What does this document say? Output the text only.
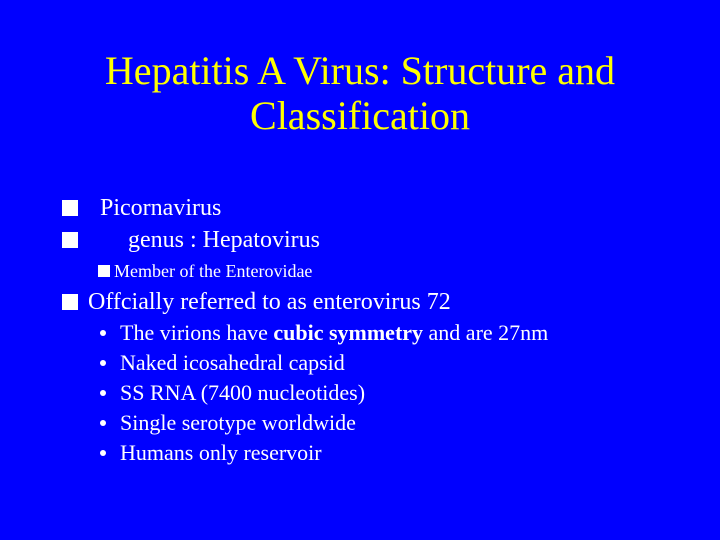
Hepatitis A Virus: Structure and Classification
Picornavirus
genus : Hepatovirus
Member of the Enterovidae
Offcially referred to as enterovirus 72
The virions have cubic symmetry and are 27nm
Naked icosahedral capsid
SS RNA (7400 nucleotides)
Single serotype worldwide
Humans only reservoir
